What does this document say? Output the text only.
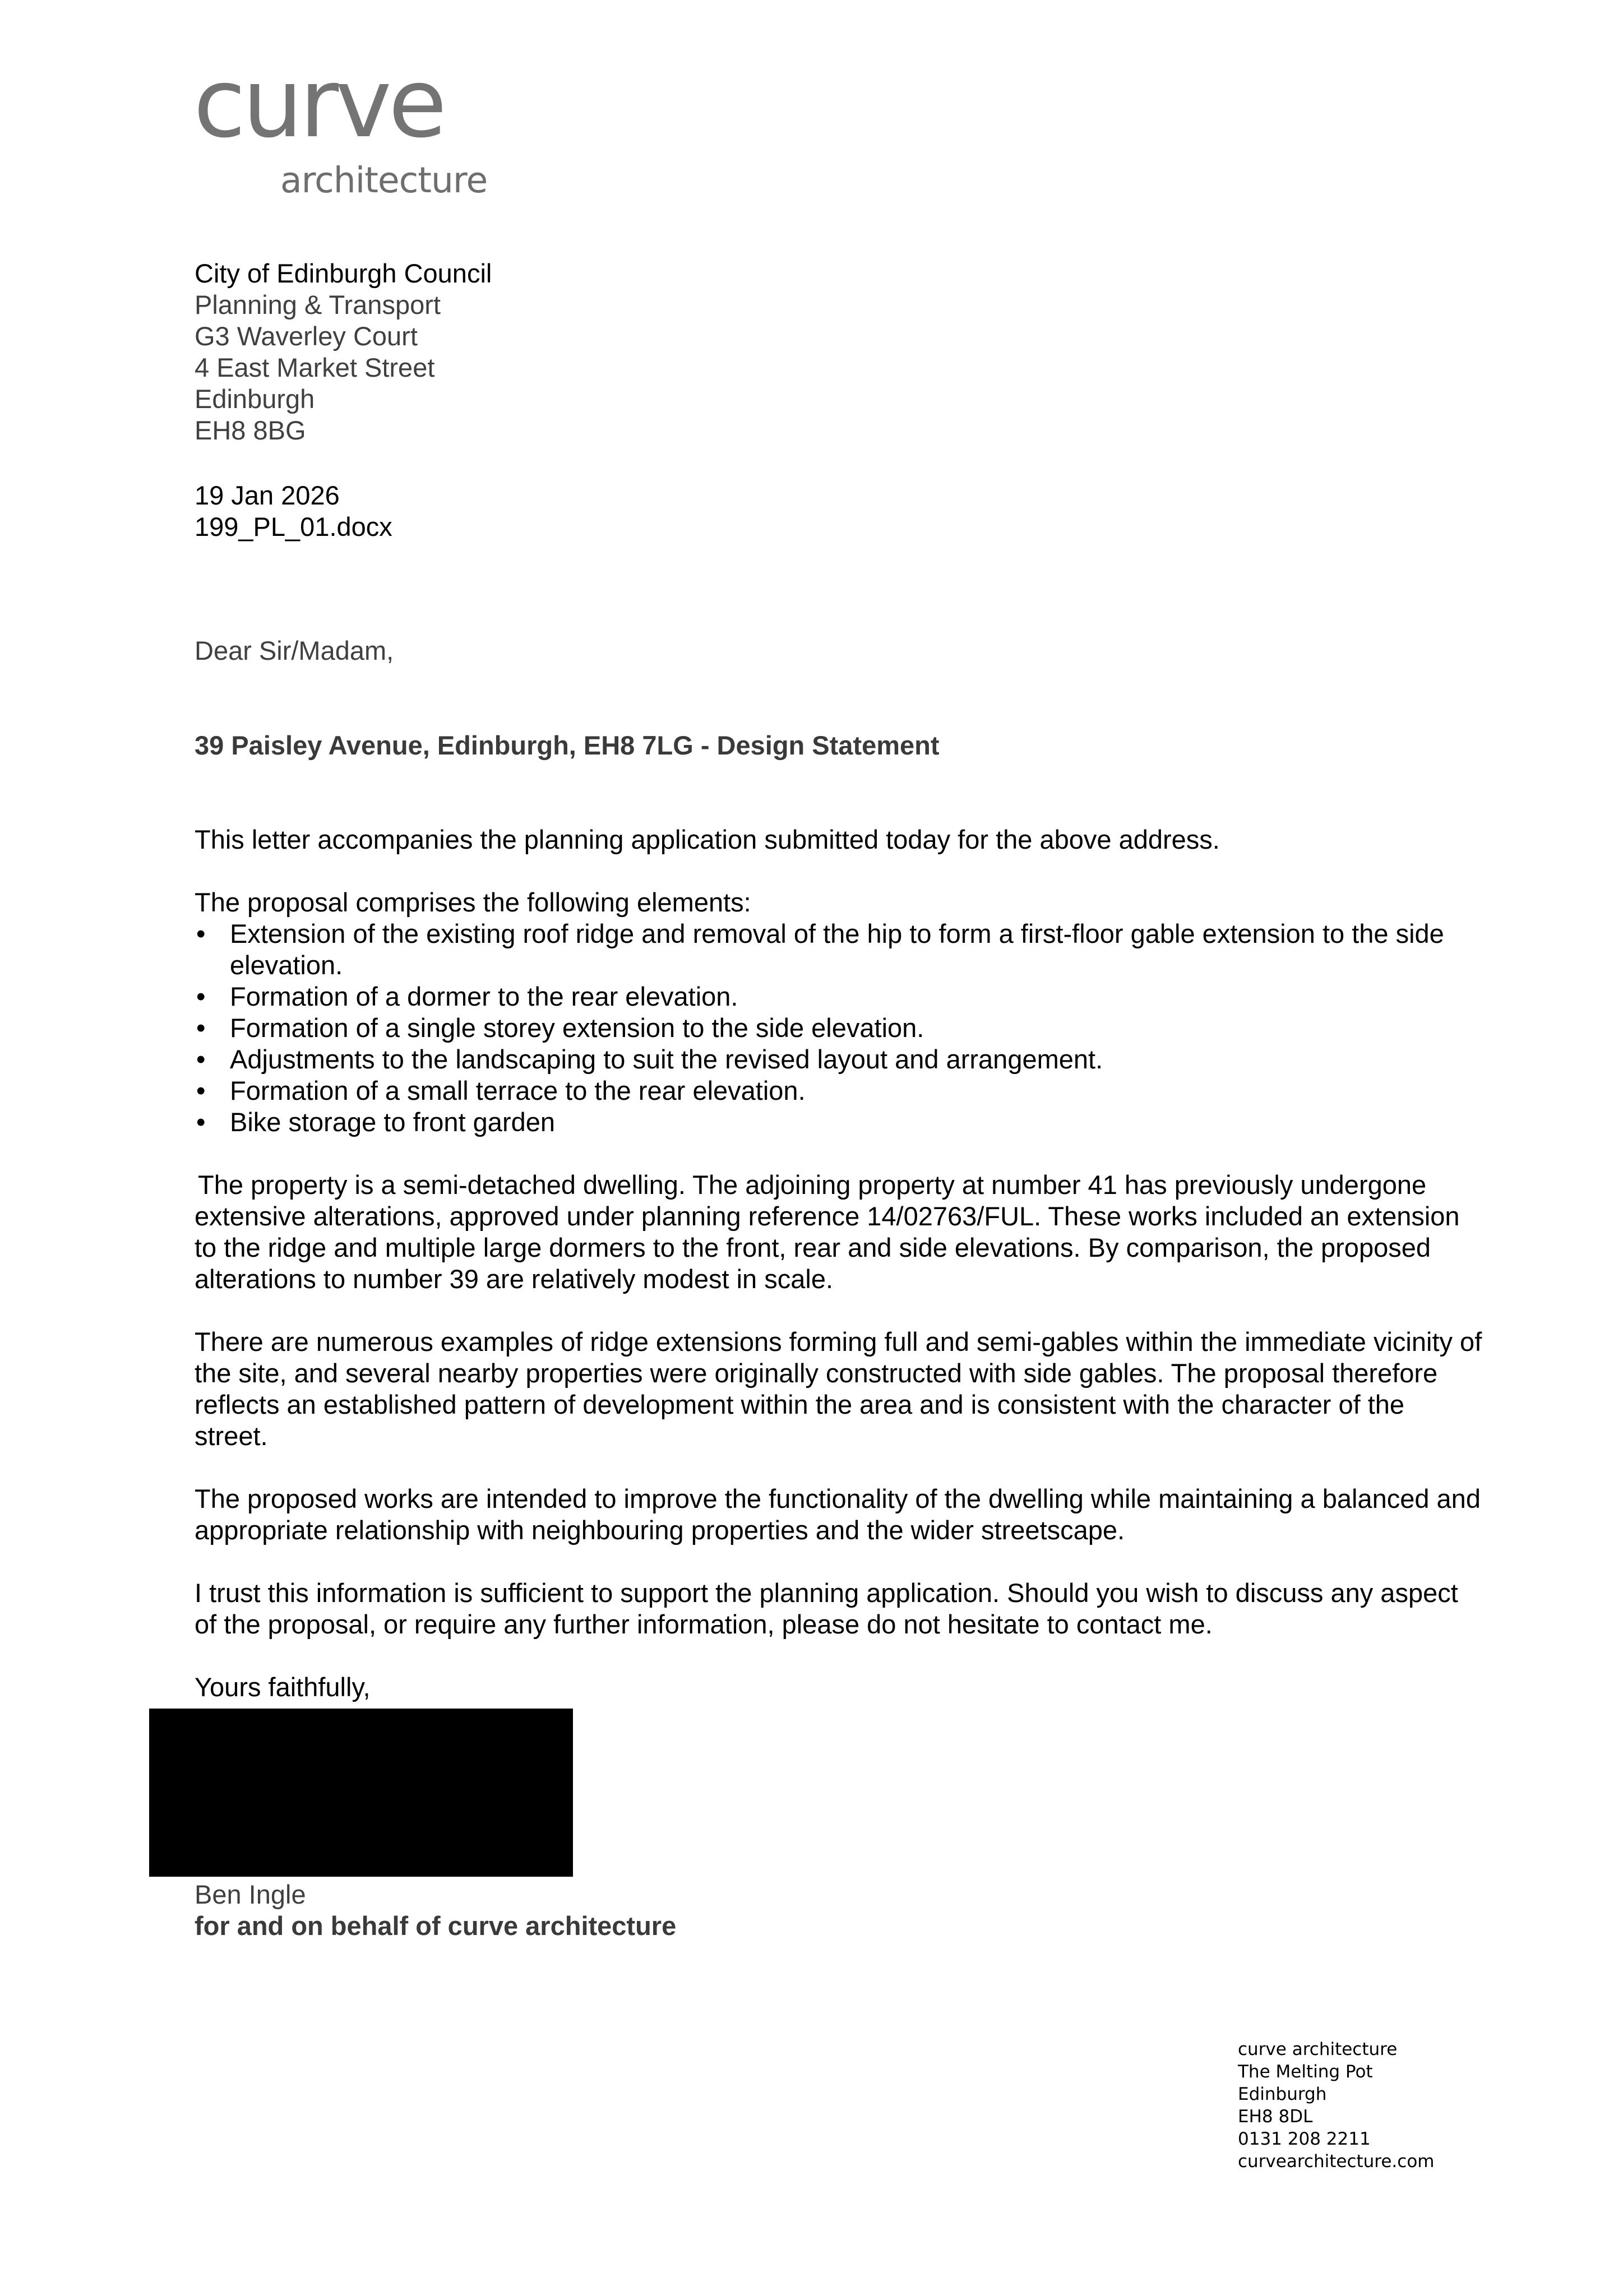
curve
architecture
City of Edinburgh Council
Planning & Transport
G3 Waverley Court
4 East Market Street
Edinburgh
EH8 8BG
19 Jan 2026
199_PL_01.docx
Dear Sir/Madam,
39 Paisley Avenue, Edinburgh, EH8 7LG - Design Statement
This letter accompanies the planning application submitted today for the above address.
The proposal comprises the following elements:
• Extension of the existing roof ridge and removal of the hip to form a first-floor gable extension to the side elevation.
• Formation of a dormer to the rear elevation.
• Formation of a single storey extension to the side elevation.
• Adjustments to the landscaping to suit the revised layout and arrangement.
• Formation of a small terrace to the rear elevation.
• Bike storage to front garden
The property is a semi-detached dwelling. The adjoining property at number 41 has previously undergone extensive alterations, approved under planning reference 14/02763/FUL. These works included an extension to the ridge and multiple large dormers to the front, rear and side elevations. By comparison, the proposed alterations to number 39 are relatively modest in scale.
There are numerous examples of ridge extensions forming full and semi-gables within the immediate vicinity of the site, and several nearby properties were originally constructed with side gables. The proposal therefore reflects an established pattern of development within the area and is consistent with the character of the street.
The proposed works are intended to improve the functionality of the dwelling while maintaining a balanced and appropriate relationship with neighbouring properties and the wider streetscape.
I trust this information is sufficient to support the planning application. Should you wish to discuss any aspect of the proposal, or require any further information, please do not hesitate to contact me.
Yours faithfully,
Ben Ingle
for and on behalf of curve architecture
curve architecture
The Melting Pot
Edinburgh
EH8 8DL
0131 208 2211
curvearchitecture.com
